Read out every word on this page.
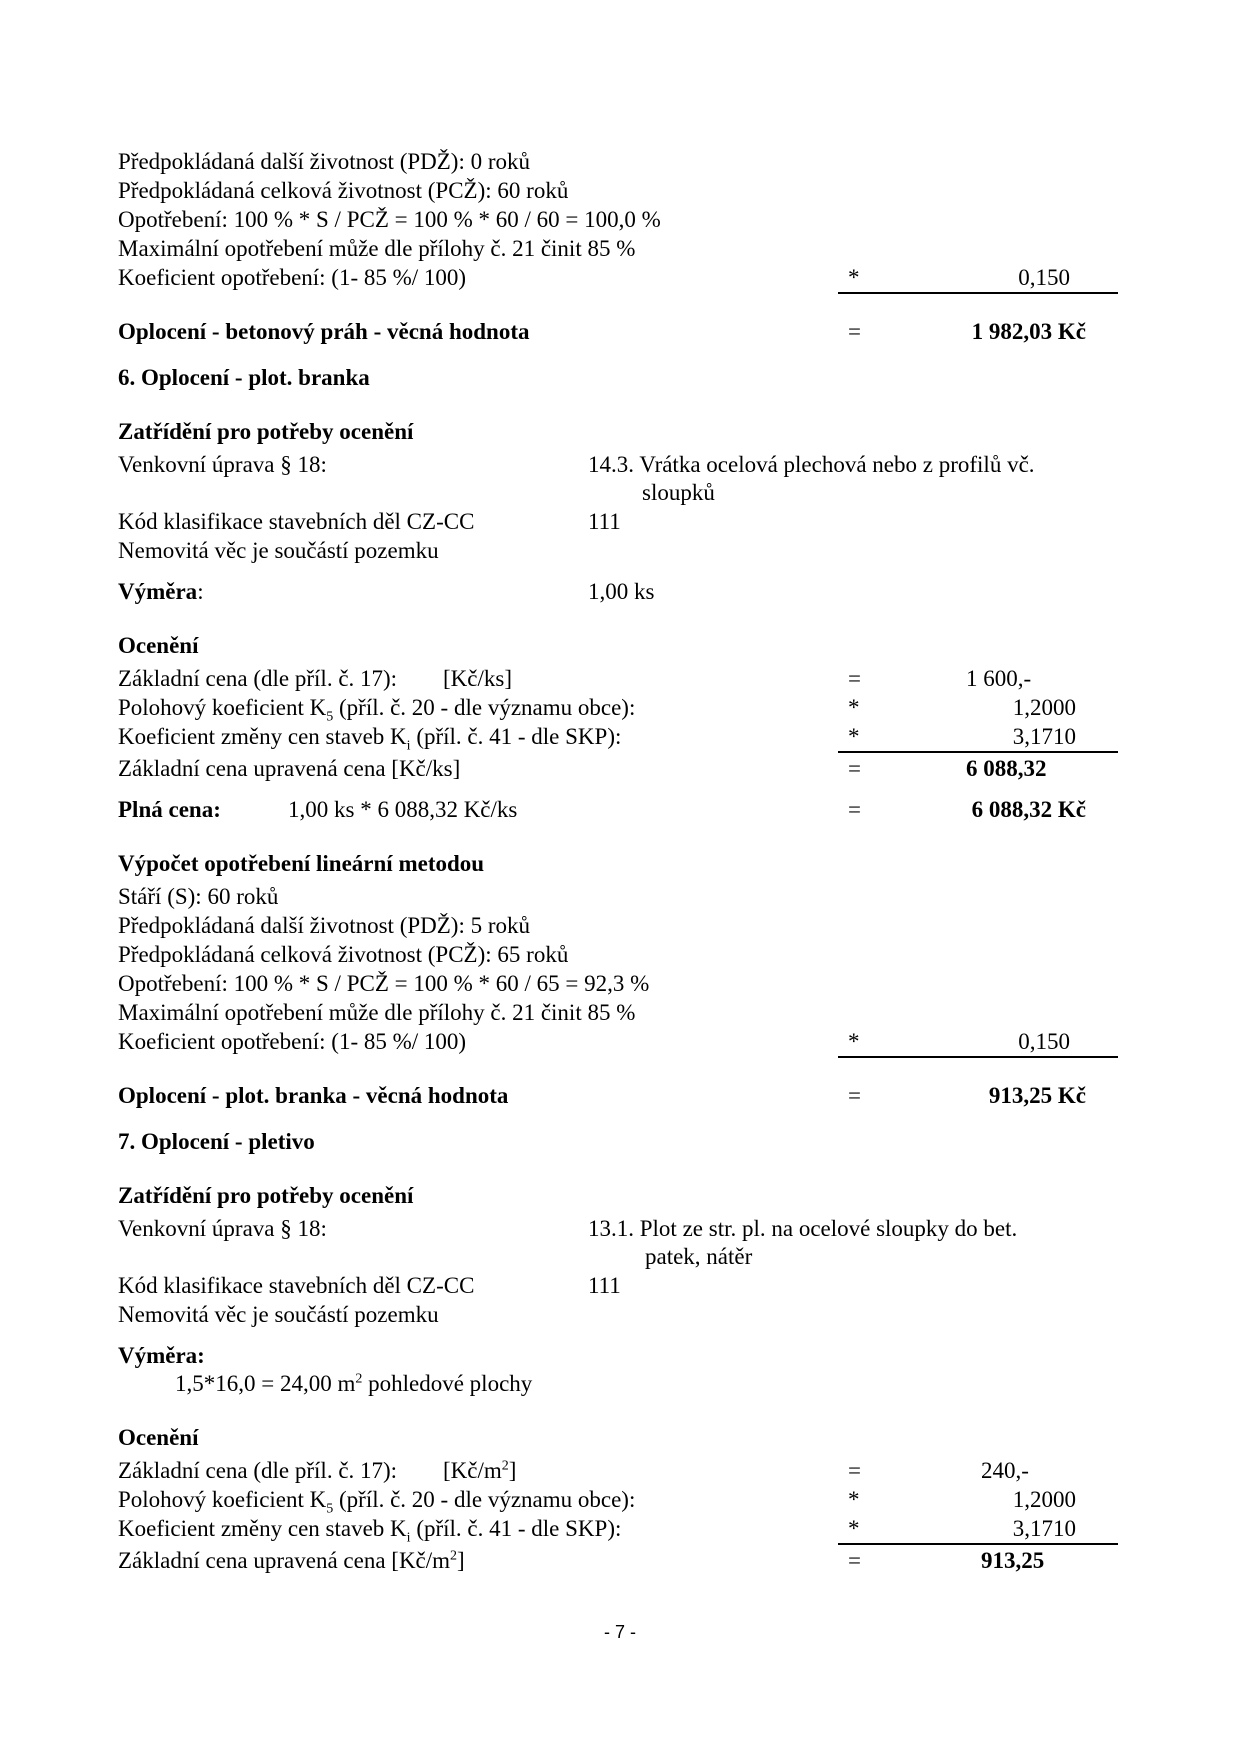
Předpokládaná další životnost (PDŽ): 0 roků
Předpokládaná celková životnost (PCŽ): 60 roků
Opotřebení: 100 % * S / PCŽ = 100 % * 60 / 60 = 100,0 %
Maximální opotřebení může dle přílohy č. 21 činit 85 %
Koeficient opotřebení: (1- 85 %/ 100)	*	0,150
Oplocení - betonový práh - věcná hodnota	=	1 982,03 Kč
6. Oplocení - plot. branka
Zatřídění pro potřeby ocenění
Venkovní úprava § 18:	14.3. Vrátka ocelová plechová nebo z profilů vč.
sloupků
Kód klasifikace stavebních děl CZ-CC	111
Nemovitá věc je součástí pozemku
Výměra:	1,00 ks
Ocenění
Základní cena (dle příl. č. 17): [Kč/ks]	=	1 600,-
Polohový koeficient $K_5$ (příl. č. 20 - dle významu obce):	*	1,2000
Koeficient změny cen staveb $K_i$ (příl. č. 41 - dle SKP):	*	3,1710
Základní cena upravená cena [Kč/ks]	=	6 088,32
Plná cena:	1,00 ks * 6 088,32 Kč/ks	=	6 088,32 Kč
Výpočet opotřebení lineární metodou
Stáří (S): 60 roků
Předpokládaná další životnost (PDŽ): 5 roků
Předpokládaná celková životnost (PCŽ): 65 roků
Opotřebení: 100 % * S / PCŽ = 100 % * 60 / 65 = 92,3 %
Maximální opotřebení může dle přílohy č. 21 činit 85 %
Koeficient opotřebení: (1- 85 %/ 100)	*	0,150
Oplocení - plot. branka - věcná hodnota	=	913,25 Kč
7. Oplocení - pletivo
Zatřídění pro potřeby ocenění
Venkovní úprava § 18:	13.1. Plot ze str. pl. na ocelové sloupky do bet.
patek, nátěr
Kód klasifikace stavebních děl CZ-CC	111
Nemovitá věc je součástí pozemku
Výměra:
1,5*16,0 = 24,00 $m^2$ pohledové plochy
Ocenění
Základní cena (dle příl. č. 17): $[Kč/m^2]$	=	240,-
Polohový koeficient $K_5$ (příl. č. 20 - dle významu obce):	*	1,2000
Koeficient změny cen staveb $K_i$ (příl. č. 41 - dle SKP):	*	3,1710
Základní cena upravená cena $[Kč/m^2]$	=	913,25
- 7 -
